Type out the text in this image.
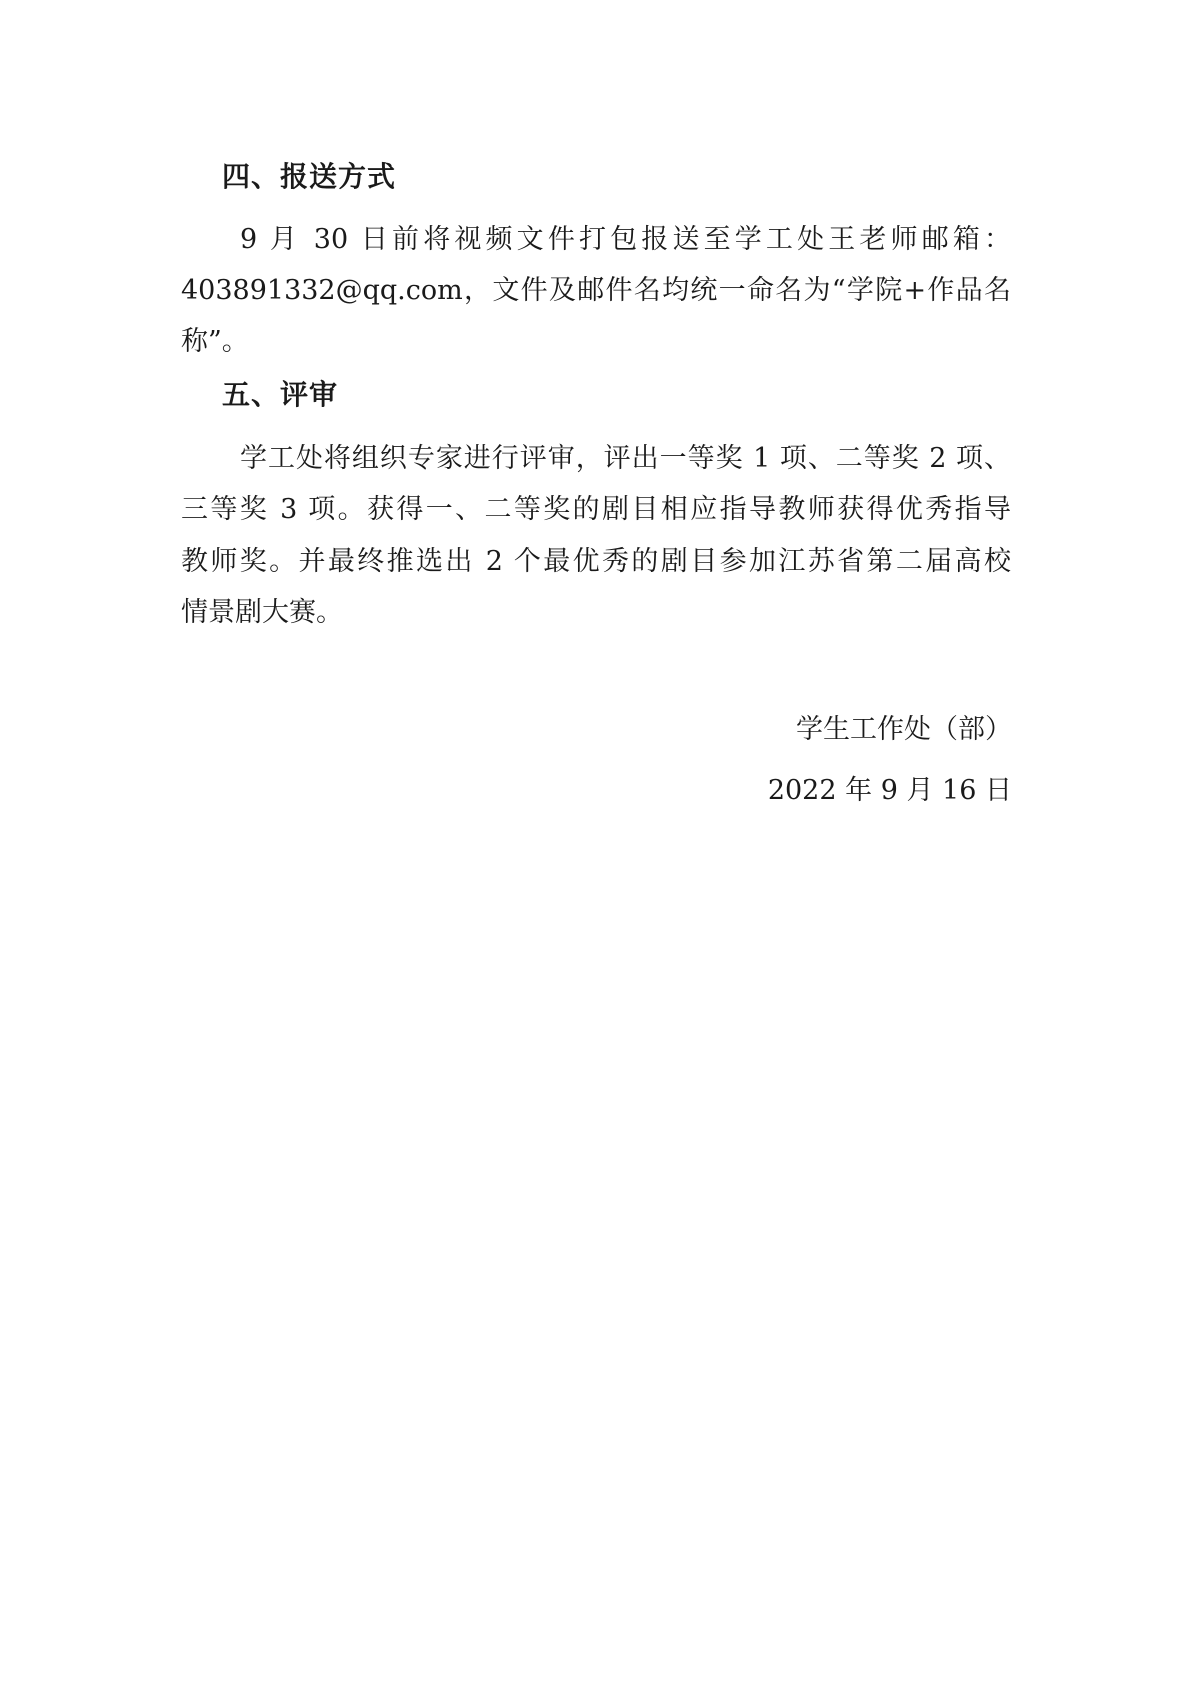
四、报送方式
9 月 30 日前将视频文件打包报送至学工处王老师邮箱：
403891332@qq.com，文件及邮件名均统一命名为“学院+作品名
称”。
五、评审
学工处将组织专家进行评审，评出一等奖 1 项、二等奖 2 项、
三等奖 3 项。获得一、二等奖的剧目相应指导教师获得优秀指导
教师奖。并最终推选出 2 个最优秀的剧目参加江苏省第二届高校
情景剧大赛。
学生工作处（部）
2022 年 9 月 16 日
